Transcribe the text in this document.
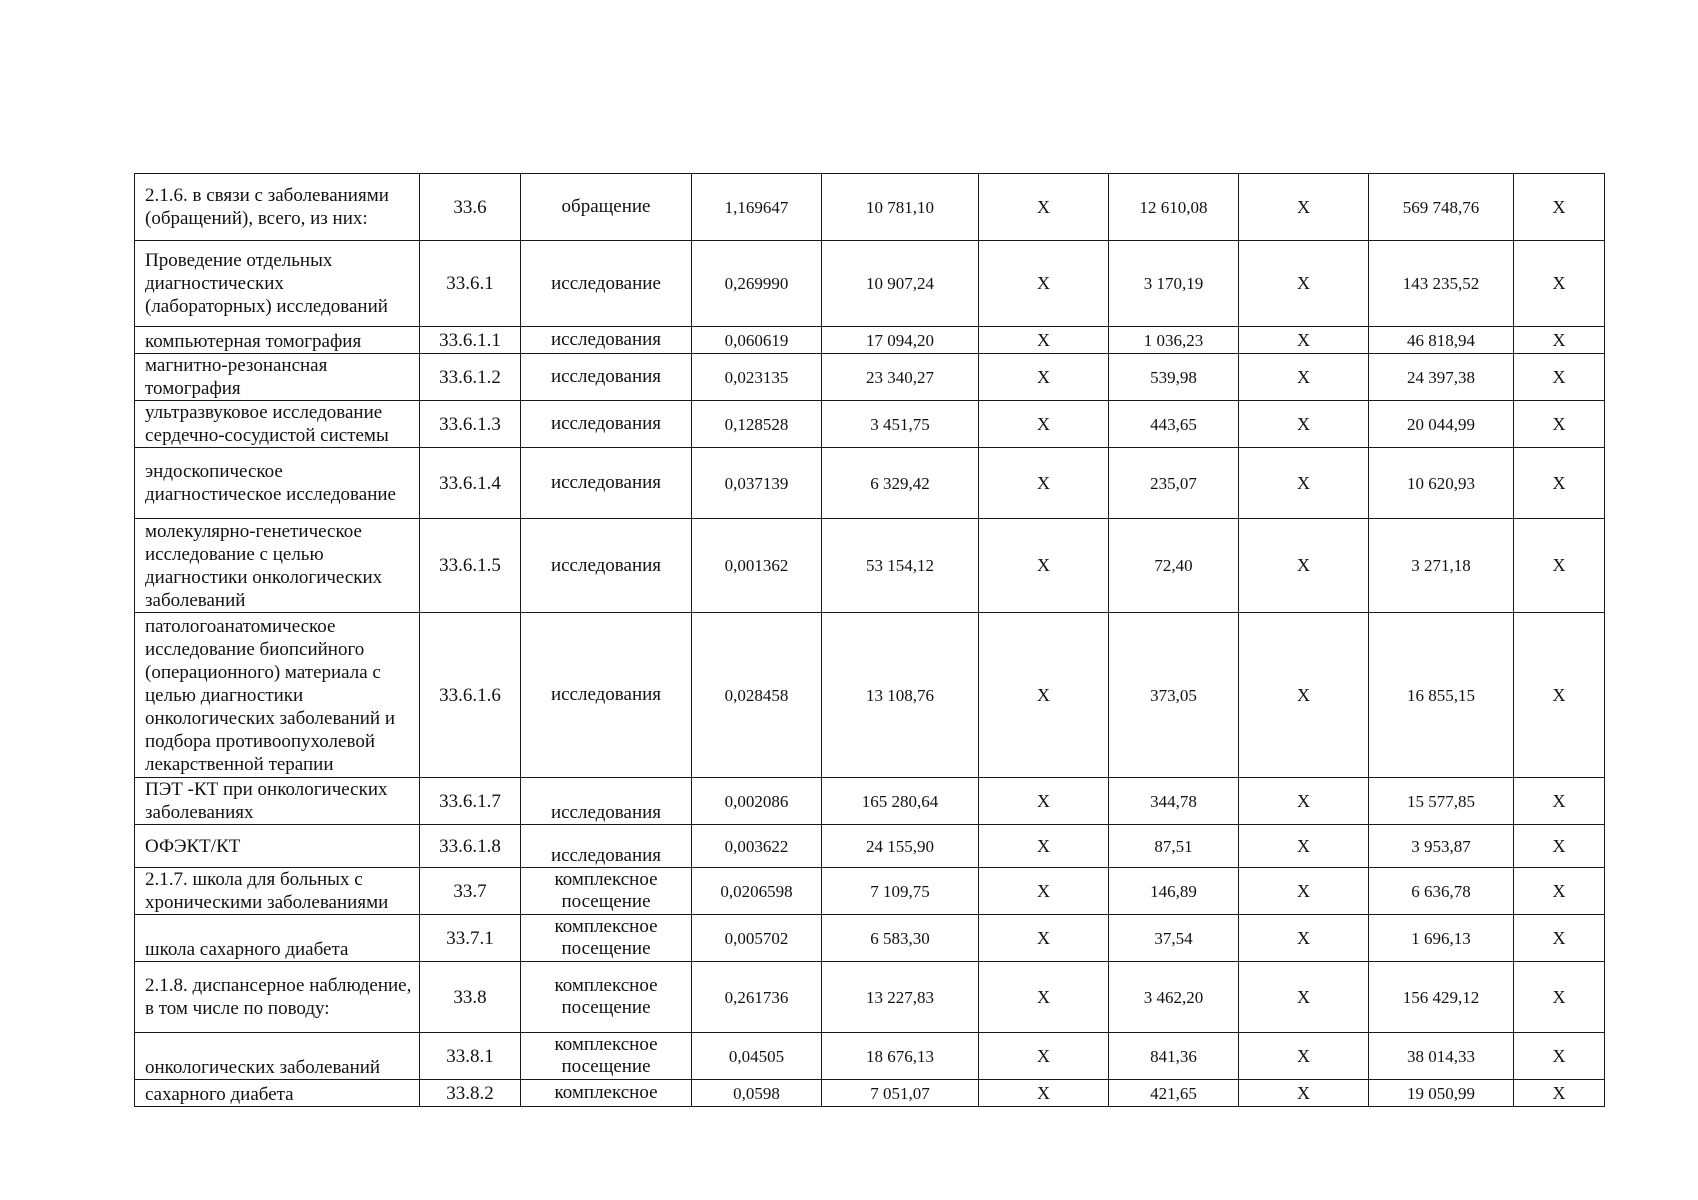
2.1.6. в связи с заболеваниями (обращений), всего, из них:	33.6	обращение	1,169647	10 781,10	X	12 610,08	X	569 748,76	X
Проведение отдельных диагностических (лабораторных) исследований	33.6.1	исследование	0,269990	10 907,24	X	3 170,19	X	143 235,52	X
компьютерная томография	33.6.1.1	исследования	0,060619	17 094,20	X	1 036,23	X	46 818,94	X
магнитно-резонансная томография	33.6.1.2	исследования	0,023135	23 340,27	X	539,98	X	24 397,38	X
ультразвуковое исследование сердечно-сосудистой системы	33.6.1.3	исследования	0,128528	3 451,75	X	443,65	X	20 044,99	X
эндоскопическое диагностическое исследование	33.6.1.4	исследования	0,037139	6 329,42	X	235,07	X	10 620,93	X
молекулярно-генетическое исследование с целью диагностики онкологических заболеваний	33.6.1.5	исследования	0,001362	53 154,12	X	72,40	X	3 271,18	X
патологоанатомическое исследование биопсийного (операционного) материала с целью диагностики онкологических заболеваний и подбора противоопухолевой лекарственной терапии	33.6.1.6	исследования	0,028458	13 108,76	X	373,05	X	16 855,15	X
ПЭТ -КТ при онкологических заболеваниях	33.6.1.7	исследования	0,002086	165 280,64	X	344,78	X	15 577,85	X
ОФЭКТ/КТ	33.6.1.8	исследования	0,003622	24 155,90	X	87,51	X	3 953,87	X
2.1.7. школа для больных с хроническими заболеваниями	33.7	комплексное посещение	0,0206598	7 109,75	X	146,89	X	6 636,78	X
школа сахарного диабета	33.7.1	комплексное посещение	0,005702	6 583,30	X	37,54	X	1 696,13	X
2.1.8. диспансерное наблюдение, в том числе по поводу:	33.8	комплексное посещение	0,261736	13 227,83	X	3 462,20	X	156 429,12	X
онкологических заболеваний	33.8.1	комплексное посещение	0,04505	18 676,13	X	841,36	X	38 014,33	X
сахарного диабета	33.8.2	комплексное	0,0598	7 051,07	X	421,65	X	19 050,99	X
